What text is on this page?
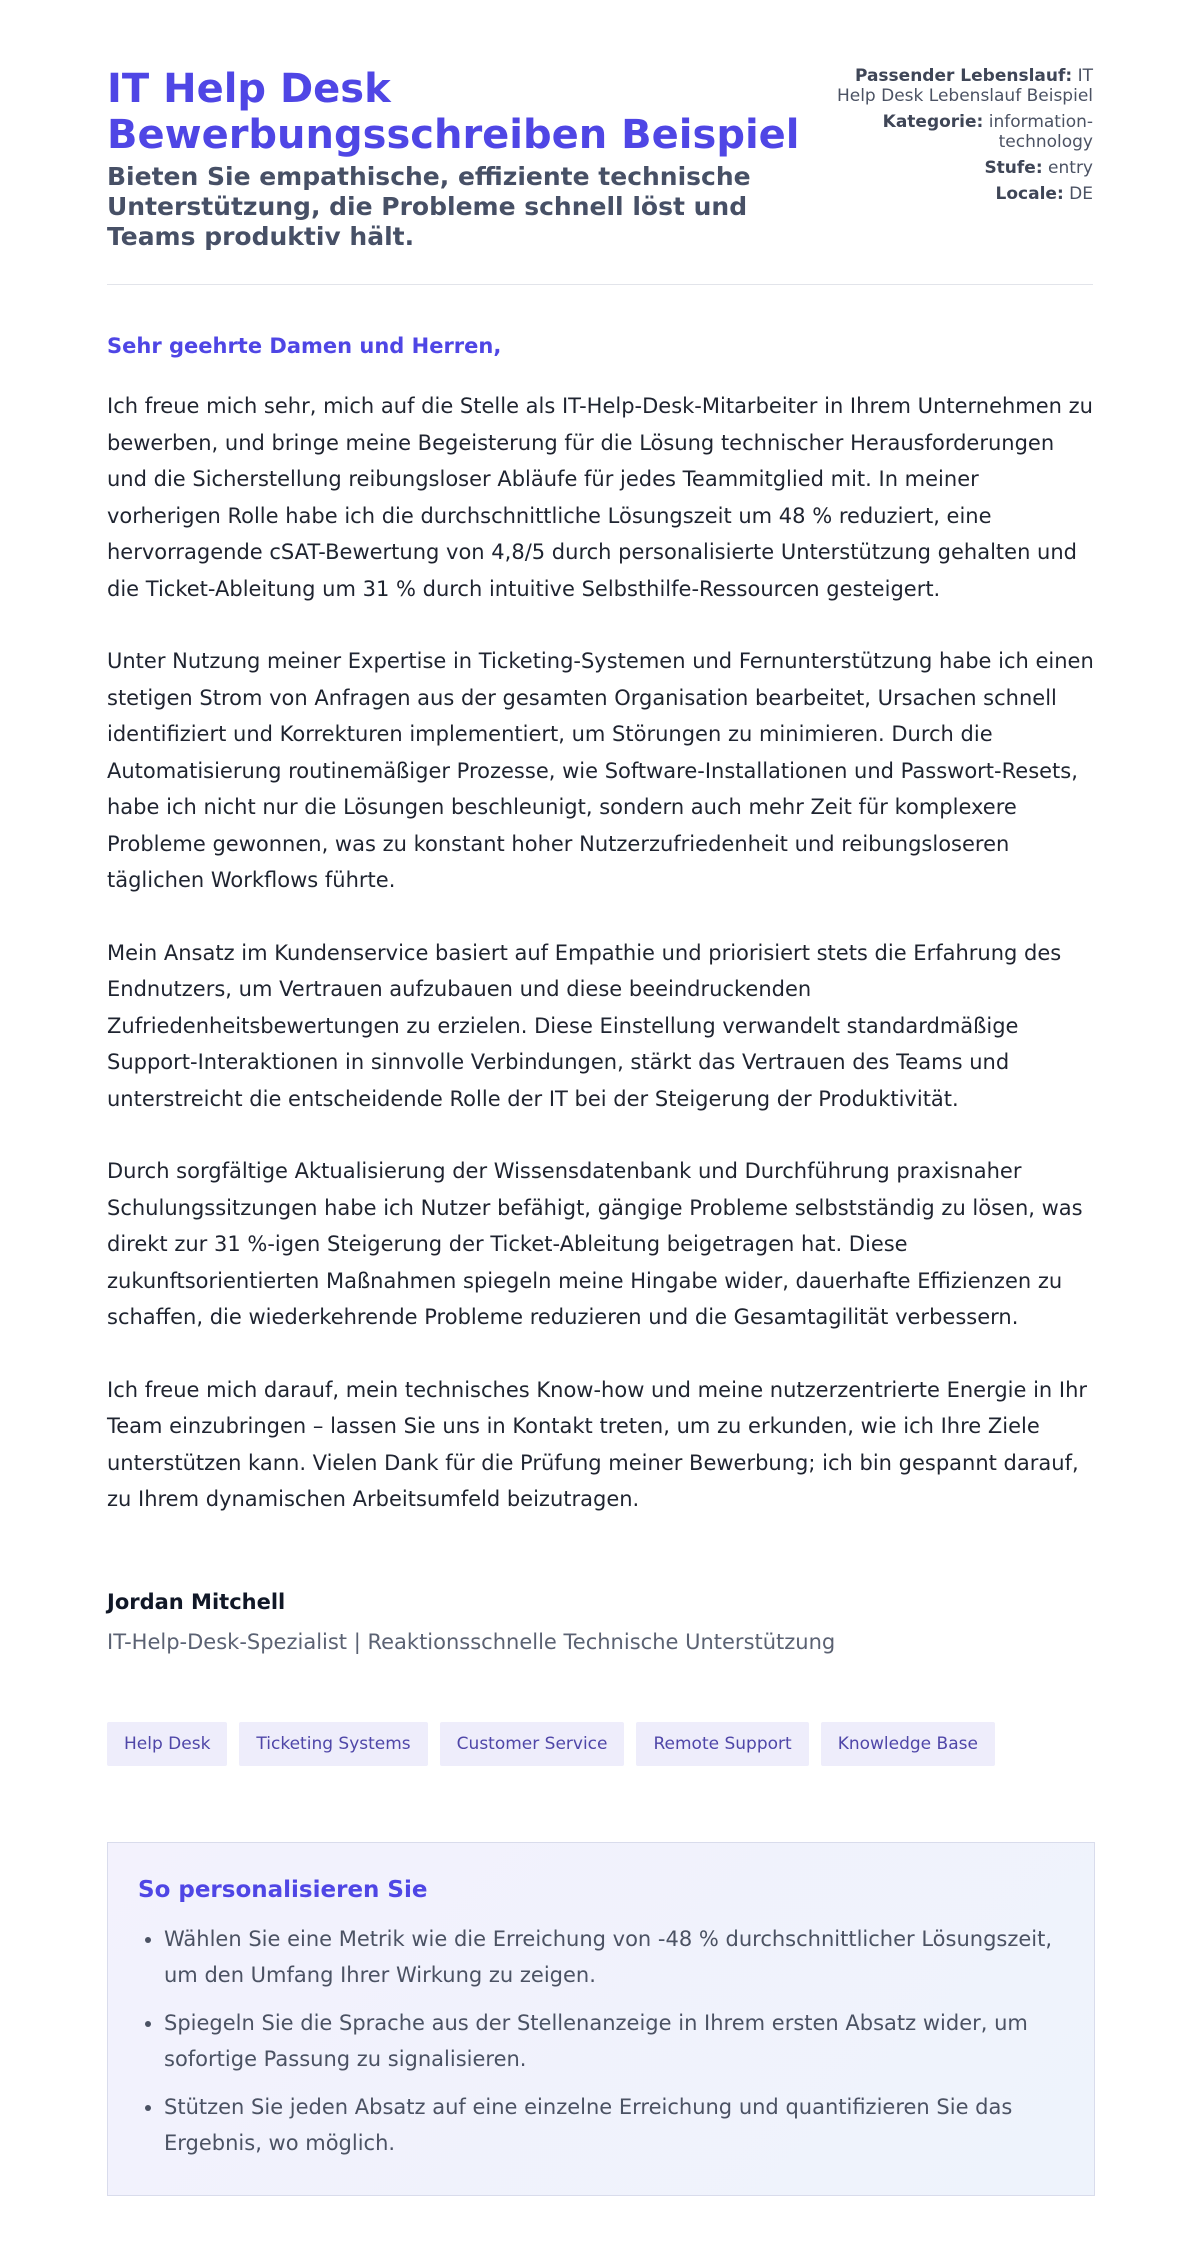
IT Help Desk Bewerbungsschreiben Beispiel
Bieten Sie empathische, effiziente technische Unterstützung, die Probleme schnell löst und Teams produktiv hält.
Passender Lebenslauf: IT Help Desk Lebenslauf Beispiel
Kategorie: information-technology
Stufe: entry
Locale: DE

Sehr geehrte Damen und Herren,

Ich freue mich sehr, mich auf die Stelle als IT-Help-Desk-Mitarbeiter in Ihrem Unternehmen zu bewerben, und bringe meine Begeisterung für die Lösung technischer Herausforderungen und die Sicherstellung reibungsloser Abläufe für jedes Teammitglied mit. In meiner vorherigen Rolle habe ich die durchschnittliche Lösungszeit um 48 % reduziert, eine hervorragende cSAT-Bewertung von 4,8/5 durch personalisierte Unterstützung gehalten und die Ticket-Ableitung um 31 % durch intuitive Selbsthilfe-Ressourcen gesteigert.

Unter Nutzung meiner Expertise in Ticketing-Systemen und Fernunterstützung habe ich einen stetigen Strom von Anfragen aus der gesamten Organisation bearbeitet, Ursachen schnell identifiziert und Korrekturen implementiert, um Störungen zu minimieren. Durch die Automatisierung routinemäßiger Prozesse, wie Software-Installationen und Passwort-Resets, habe ich nicht nur die Lösungen beschleunigt, sondern auch mehr Zeit für komplexere Probleme gewonnen, was zu konstant hoher Nutzerzufriedenheit und reibungsloseren täglichen Workflows führte.

Mein Ansatz im Kundenservice basiert auf Empathie und priorisiert stets die Erfahrung des Endnutzers, um Vertrauen aufzubauen und diese beeindruckenden Zufriedenheitsbewertungen zu erzielen. Diese Einstellung verwandelt standardmäßige Support-Interaktionen in sinnvolle Verbindungen, stärkt das Vertrauen des Teams und unterstreicht die entscheidende Rolle der IT bei der Steigerung der Produktivität.

Durch sorgfältige Aktualisierung der Wissensdatenbank und Durchführung praxisnaher Schulungssitzungen habe ich Nutzer befähigt, gängige Probleme selbstständig zu lösen, was direkt zur 31 %-igen Steigerung der Ticket-Ableitung beigetragen hat. Diese zukunftsorientierten Maßnahmen spiegeln meine Hingabe wider, dauerhafte Effizienzen zu schaffen, die wiederkehrende Probleme reduzieren und die Gesamtagilität verbessern.

Ich freue mich darauf, mein technisches Know-how und meine nutzerzentrierte Energie in Ihr Team einzubringen – lassen Sie uns in Kontakt treten, um zu erkunden, wie ich Ihre Ziele unterstützen kann. Vielen Dank für die Prüfung meiner Bewerbung; ich bin gespannt darauf, zu Ihrem dynamischen Arbeitsumfeld beizutragen.

Jordan Mitchell

IT-Help-Desk-Spezialist | Reaktionsschnelle Technische Unterstützung

Help Desk	Ticketing Systems	Customer Service	Remote Support	Knowledge Base
So personalisieren Sie
• Wählen Sie eine Metrik wie die Erreichung von -48 % durchschnittlicher Lösungszeit, um den Umfang Ihrer Wirkung zu zeigen.
• Spiegeln Sie die Sprache aus der Stellenanzeige in Ihrem ersten Absatz wider, um sofortige Passung zu signalisieren.
• Stützen Sie jeden Absatz auf eine einzelne Erreichung und quantifizieren Sie das Ergebnis, wo möglich.
